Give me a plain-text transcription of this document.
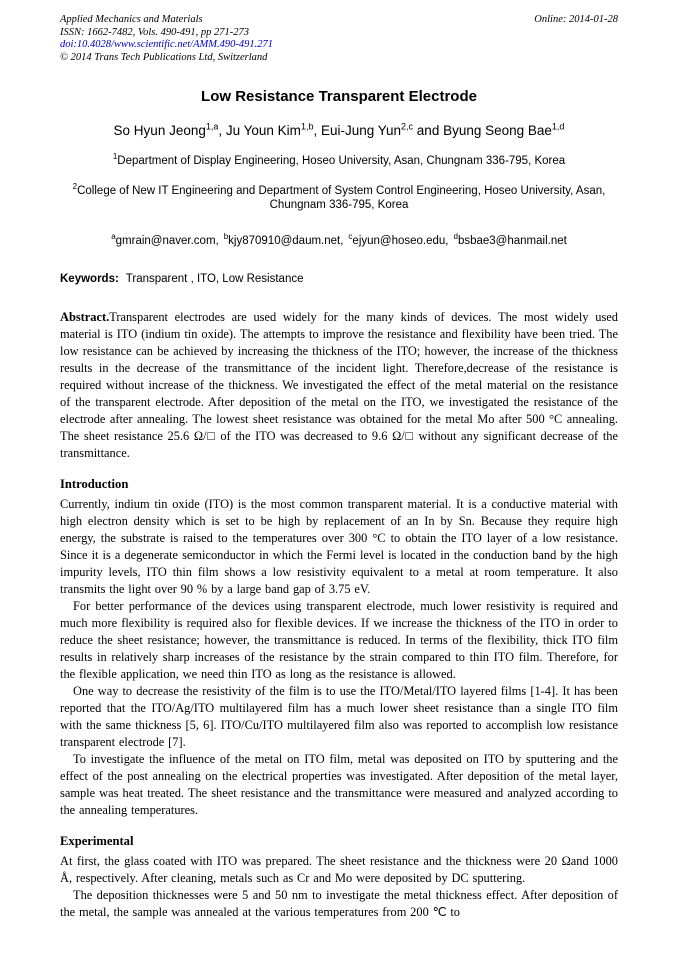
Applied Mechanics and Materials
ISSN: 1662-7482, Vols. 490-491, pp 271-273
doi:10.4028/www.scientific.net/AMM.490-491.271
© 2014 Trans Tech Publications Ltd, Switzerland
Online: 2014-01-28
Low Resistance Transparent Electrode
So Hyun Jeong$^{1,a}$, Ju Youn Kim$^{1,b}$, Eui-Jung Yun$^{2,c}$ and Byung Seong Bae$^{1,d}$
$^1$Department of Display Engineering, Hoseo University, Asan, Chungnam 336-795, Korea
$^2$College of New IT Engineering and Department of System Control Engineering, Hoseo University, Asan, Chungnam 336-795, Korea
$^a$gmrain@naver.com, $^b$kjy870910@daum.net, $^c$ejyun@hoseo.edu, $^d$bsbae3@hanmail.net
Keywords: Transparent , ITO, Low Resistance

Abstract.Transparent electrodes are used widely for the many kinds of devices. The most widely used material is ITO (indium tin oxide). The attempts to improve the resistance and flexibility have been tried. The low resistance can be achieved by increasing the thickness of the ITO; however, the increase of the thickness results in the decrease of the transmittance of the incident light. Therefore,decrease of the resistance is required without increase of the thickness. We investigated the effect of the metal material on the resistance of the transparent electrode. After deposition of the metal on the ITO, we investigated the resistance of the electrode after annealing. The lowest sheet resistance was obtained for the metal Mo after 500 °C annealing. The sheet resistance 25.6 Ω/□ of the ITO was decreased to 9.6 Ω/□ without any significant decrease of the transmittance.

Introduction

Currently, indium tin oxide (ITO) is the most common transparent material. It is a conductive material with high electron density which is set to be high by replacement of an In by Sn. Because they require high energy, the substrate is raised to the temperatures over 300 °C to obtain the ITO layer of a low resistance. Since it is a degenerate semiconductor in which the Fermi level is located in the conduction band by the high impurity levels, ITO thin film shows a low resistivity equivalent to a metal at room temperature. It also transmits the light over 90 % by a large band gap of 3.75 eV.

For better performance of the devices using transparent electrode, much lower resistivity is required and much more flexibility is required also for flexible devices. If we increase the thickness of the ITO in order to reduce the sheet resistance; however, the transmittance is reduced. In terms of the flexibility, thick ITO film results in relatively sharp increases of the resistance by the strain compared to thin ITO film. Therefore, for the flexible application, we need thin ITO as long as the resistance is allowed.

One way to decrease the resistivity of the film is to use the ITO/Metal/ITO layered films [1-4]. It has been reported that the ITO/Ag/ITO multilayered film has a much lower sheet resistance than a single ITO film with the same thickness [5, 6]. ITO/Cu/ITO multilayered film also was reported to accomplish low resistance transparent electrode [7].

To investigate the influence of the metal on ITO film, metal was deposited on ITO by sputtering and the effect of the post annealing on the electrical properties was investigated. After deposition of the metal layer, sample was heat treated. The sheet resistance and the transmittance were measured and analyzed according to the annealing temperatures.

Experimental

At first, the glass coated with ITO was prepared. The sheet resistance and the thickness were 20 Ωand 1000 Å, respectively. After cleaning, metals such as Cr and Mo were deposited by DC sputtering.

The deposition thicknesses were 5 and 50 nm to investigate the metal thickness effect. After deposition of the metal, the sample was annealed at the various temperatures from 200 ℃ to
